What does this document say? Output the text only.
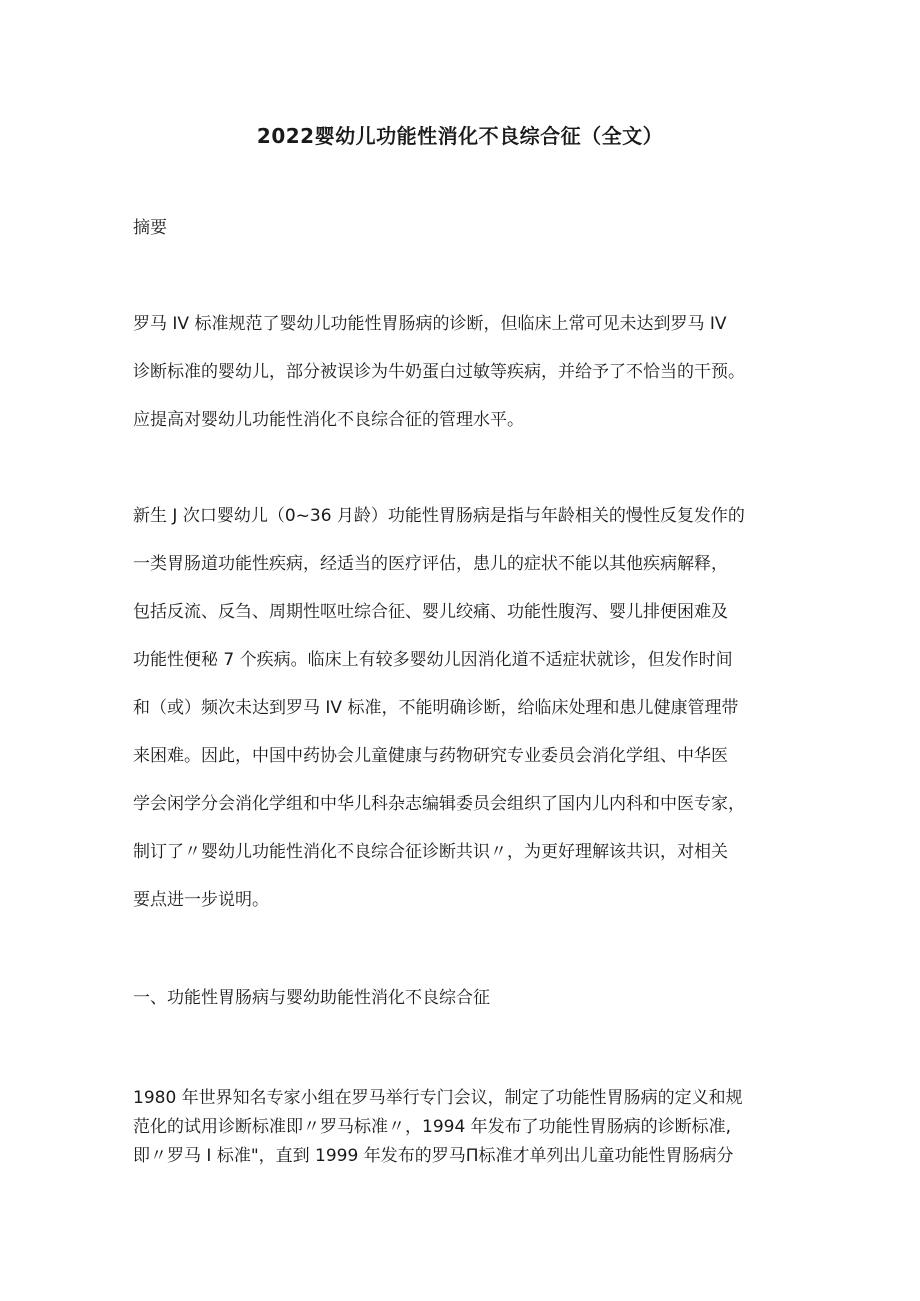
2022婴幼儿功能性消化不良综合征（全文）
摘要
罗马 IV 标准规范了婴幼儿功能性胃肠病的诊断，但临床上常可见未达到罗马 IV
诊断标准的婴幼儿，部分被误诊为牛奶蛋白过敏等疾病，并给予了不恰当的干预。
应提高对婴幼儿功能性消化不良综合征的管理水平。
新生 J 次口婴幼儿（0~36 月龄）功能性胃肠病是指与年龄相关的慢性反复发作的
一类胃肠道功能性疾病，经适当的医疗评估，患儿的症状不能以其他疾病解释，
包括反流、反刍、周期性呕吐综合征、婴儿绞痛、功能性腹泻、婴儿排便困难及
功能性便秘 7 个疾病。临床上有较多婴幼儿因消化道不适症状就诊，但发作时间
和（或）频次未达到罗马 IV 标准，不能明确诊断，给临床处理和患儿健康管理带
来困难。因此，中国中药协会儿童健康与药物研究专业委员会消化学组、中华医
学会闲学分会消化学组和中华儿科杂志编辑委员会组织了国内儿内科和中医专家，
制订了〃婴幼儿功能性消化不良综合征诊断共识〃，为更好理解该共识，对相关
要点进一步说明。
一、功能性胃肠病与婴幼助能性消化不良综合征
1980 年世界知名专家小组在罗马举行专门会议，制定了功能性胃肠病的定义和规
范化的试用诊断标准即〃罗马标准〃，1994 年发布了功能性胃肠病的诊断标准,
即〃罗马 I 标准"，直到 1999 年发布的罗马Π标准才单列出儿童功能性胃肠病分
